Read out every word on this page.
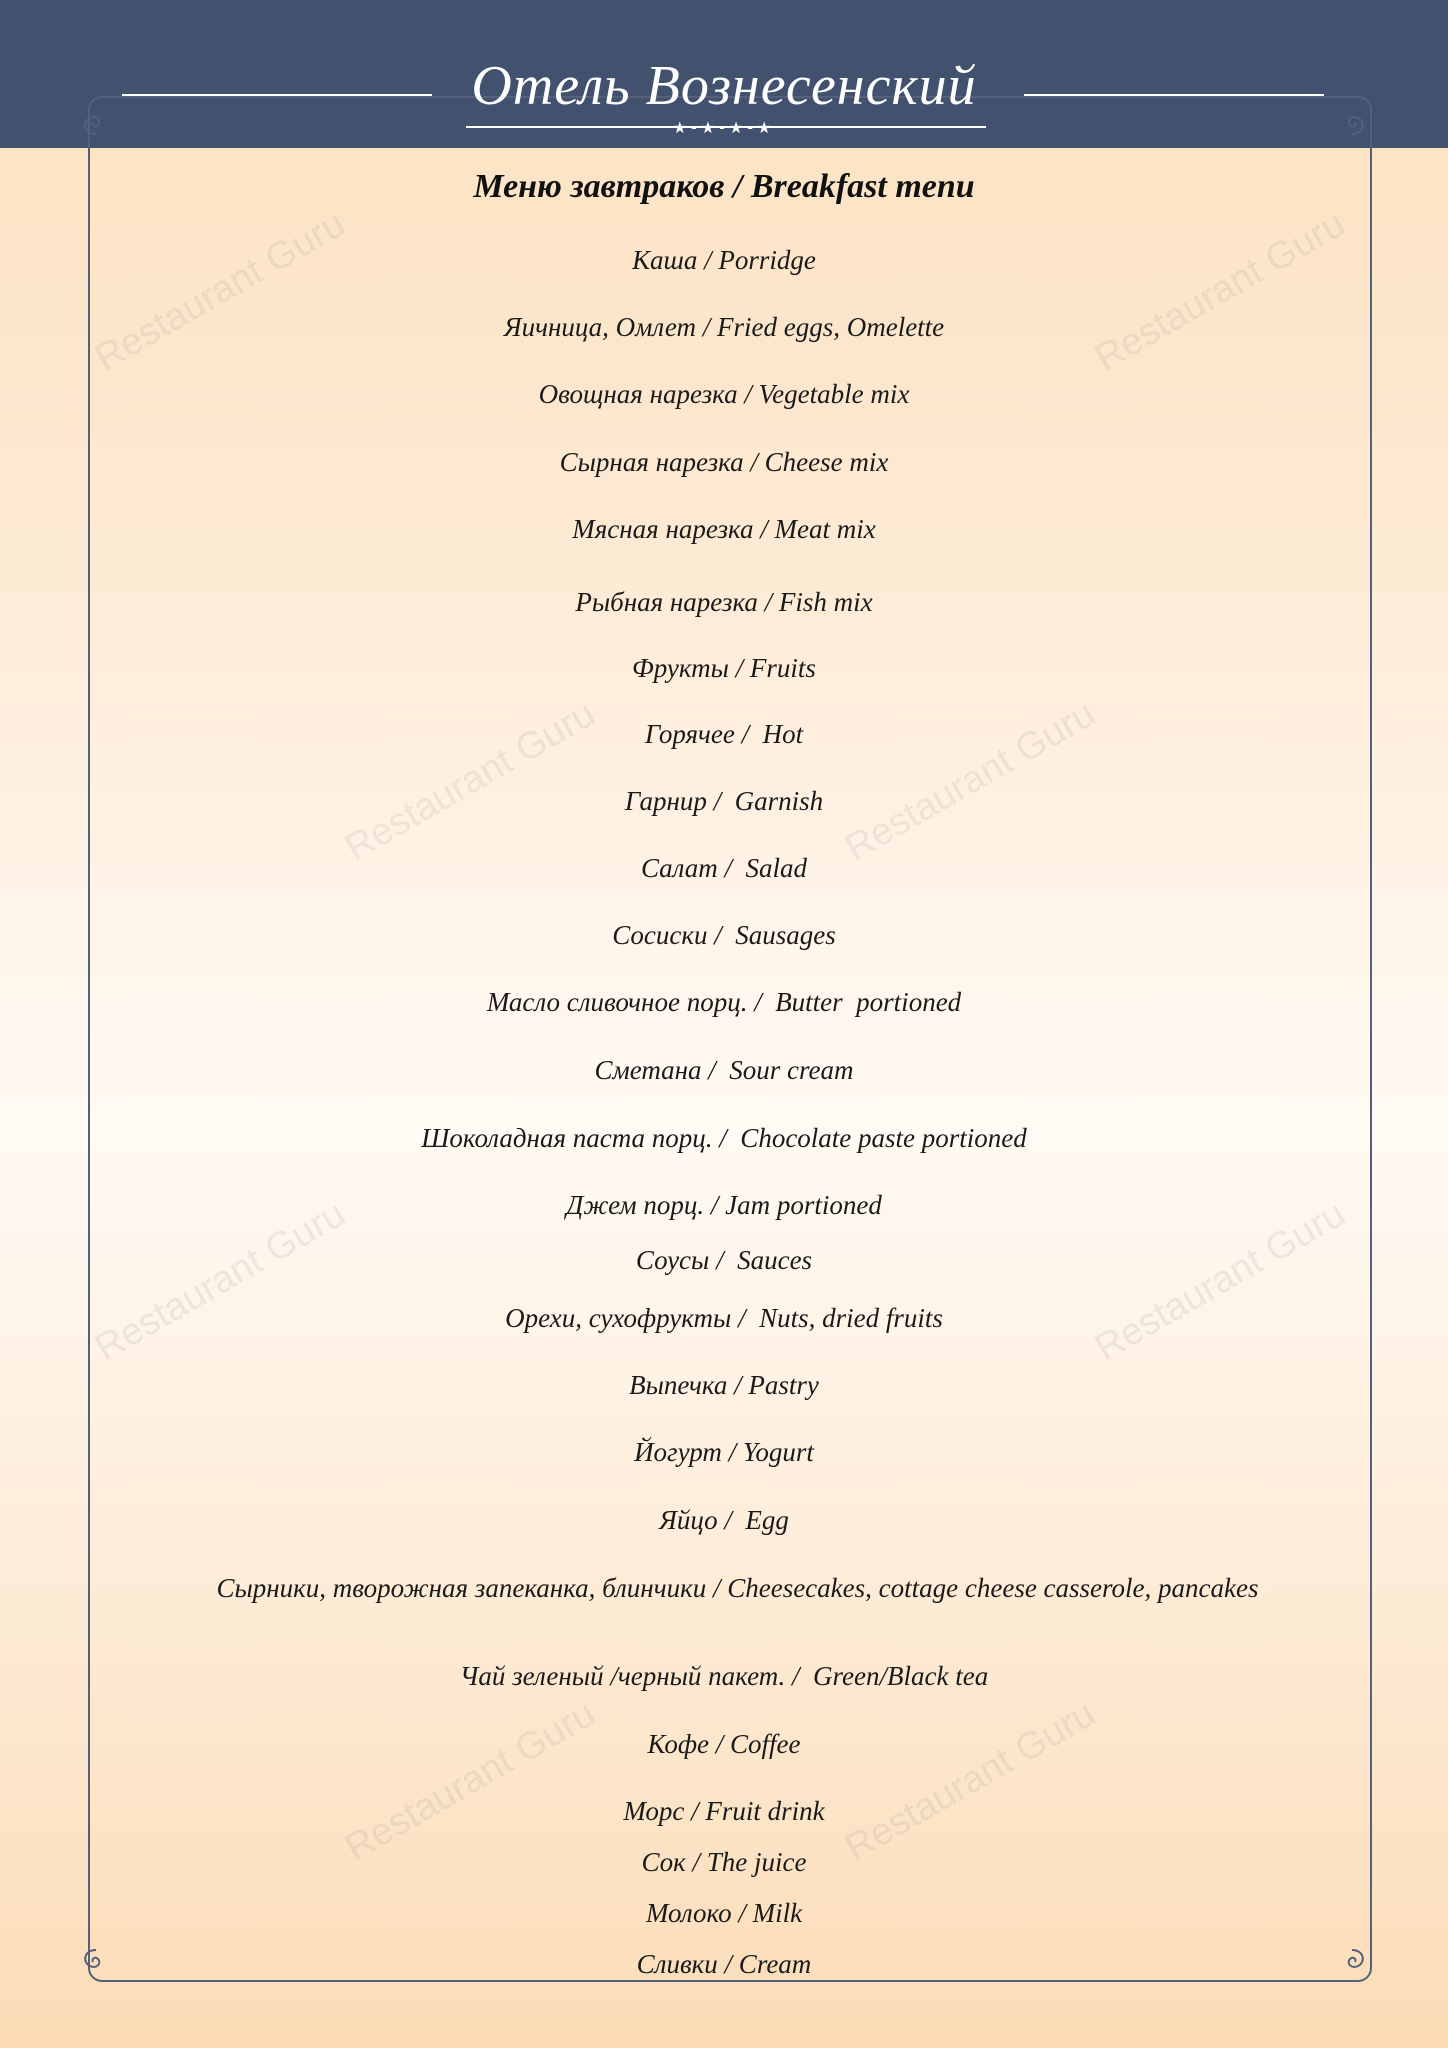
Restaurant Guru	Restaurant Guru
Restaurant Guru	Restaurant Guru
Restaurant Guru	Restaurant Guru
Restaurant Guru	Restaurant Guru
Отель Вознесенский
★-★-★-★
Меню завтраков / Breakfast menu
Каша / Porridge
Яичница, Омлет / Fried eggs, Omelette
Овощная нарезка / Vegetable mix
Сырная нарезка / Cheese mix
Мясная нарезка / Meat mix
Рыбная нарезка / Fish mix
Фрукты / Fruits
Горячее /  Hot
Гарнир /  Garnish
Салат /  Salad
Сосиски /  Sausages
Масло сливочное порц. /  Butter  portioned
Сметана /  Sour cream
Шоколадная паста порц. /  Chocolate paste portioned
Джем порц. / Jam portioned
Соусы /  Sauces
Орехи, сухофрукты /  Nuts, dried fruits
Выпечка / Pastry
Йогурт / Yogurt
Яйцо /  Egg
Сырники, творожная запеканка, блинчики / Cheesecakes, cottage cheese casserole, pancakes
Чай зеленый /черный пакет. /  Green/Black tea
Кофе / Coffee
Морс / Fruit drink
Сок / The juice
Молоко / Milk
Сливки / Cream
